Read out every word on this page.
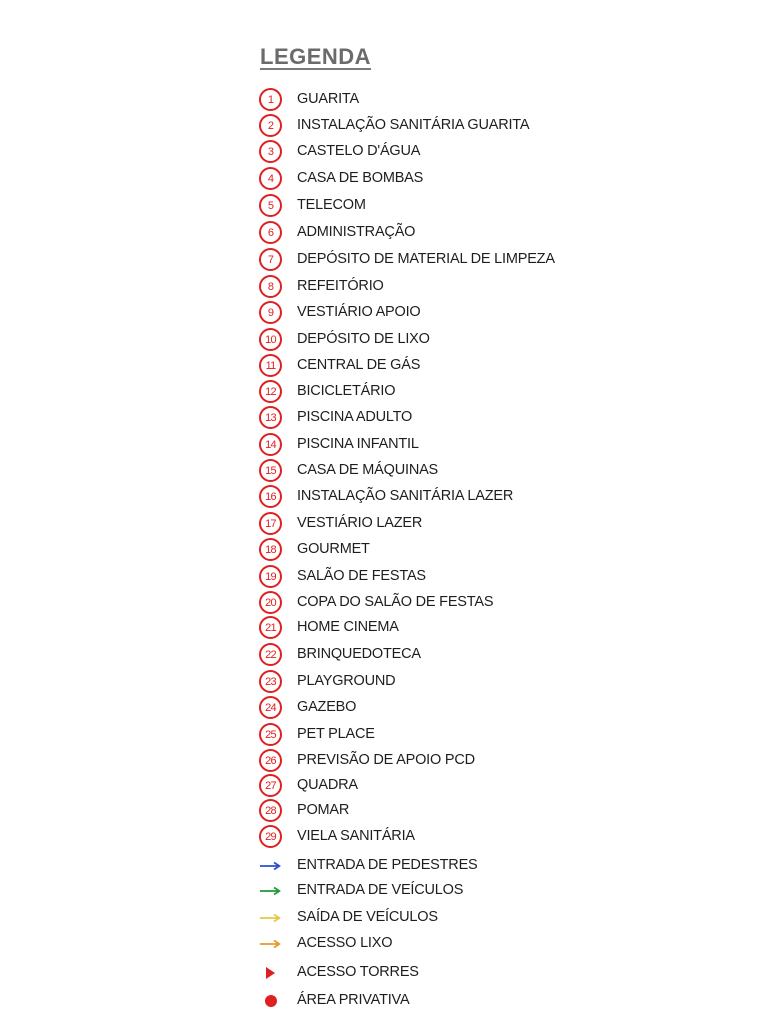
LEGENDA
1	GUARITA
2	INSTALAÇÃO SANITÁRIA GUARITA
3	CASTELO D'ÁGUA
4	CASA DE BOMBAS
5	TELECOM
6	ADMINISTRAÇÃO
7	DEPÓSITO DE MATERIAL DE LIMPEZA
8	REFEITÓRIO
9	VESTIÁRIO APOIO
10	DEPÓSITO DE LIXO
11	CENTRAL DE GÁS
12	BICICLETÁRIO
13	PISCINA ADULTO
14	PISCINA INFANTIL
15	CASA DE MÁQUINAS
16	INSTALAÇÃO SANITÁRIA LAZER
17	VESTIÁRIO LAZER
18	GOURMET
19	SALÃO DE FESTAS
20	COPA DO SALÃO DE FESTAS
21	HOME CINEMA
22	BRINQUEDOTECA
23	PLAYGROUND
24	GAZEBO
25	PET PLACE
26	PREVISÃO DE APOIO PCD
27	QUADRA
28	POMAR
29	VIELA SANITÁRIA
ENTRADA DE PEDESTRES
ENTRADA DE VEÍCULOS
SAÍDA DE VEÍCULOS
ACESSO LIXO
ACESSO TORRES
ÁREA PRIVATIVA
